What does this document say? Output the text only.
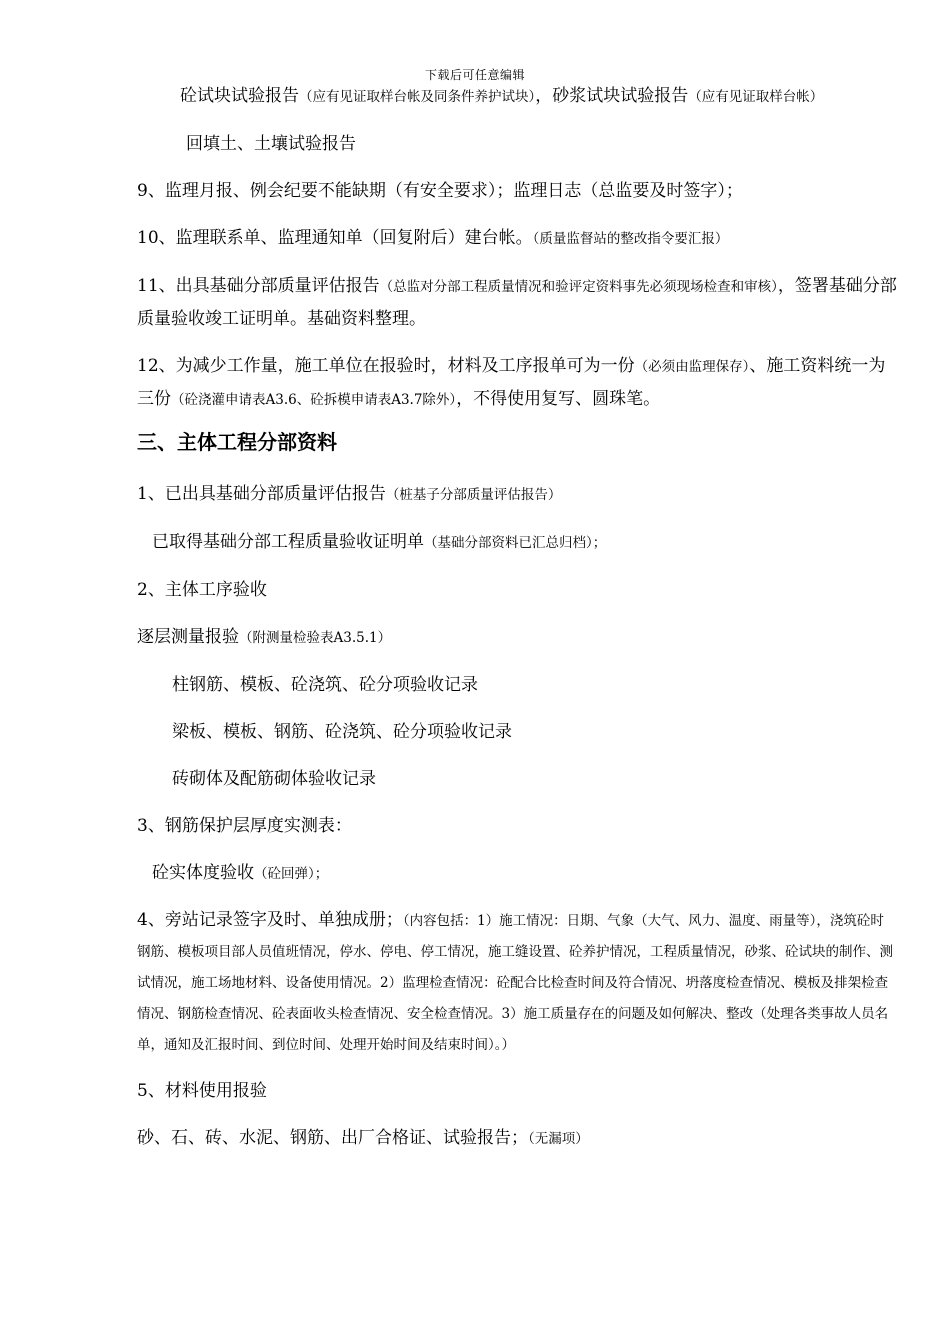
下载后可任意编辑

砼试块试验报告（应有见证取样台帐及同条件养护试块），砂浆试块试验报告（应有见证取样台帐）

回填土、土壤试验报告

9、监理月报、例会纪要不能缺期（有安全要求）；监理日志（总监要及时签字）；

10、监理联系单、监理通知单（回复附后）建台帐。（质量监督站的整改指令要汇报）

11、出具基础分部质量评估报告（总监对分部工程质量情况和验评定资料事先必须现场检查和审核），签署基础分部质量验收竣工证明单。基础资料整理。

12、为减少工作量，施工单位在报验时，材料及工序报单可为一份（必须由监理保存）、施工资料统一为三份（砼浇灌申请表A3.6、砼拆模申请表A3.7除外），不得使用复写、圆珠笔。

三、主体工程分部资料

1、已出具基础分部质量评估报告（桩基子分部质量评估报告）

已取得基础分部工程质量验收证明单（基础分部资料已汇总归档）；

2、主体工序验收

逐层测量报验（附测量检验表A3.5.1）

柱钢筋、模板、砼浇筑、砼分项验收记录

梁板、模板、钢筋、砼浇筑、砼分项验收记录

砖砌体及配筋砌体验收记录

3、钢筋保护层厚度实测表：

砼实体度验收（砼回弹）；

4、旁站记录签字及时、单独成册；（内容包括：1）施工情况：日期、气象（大气、风力、温度、雨量等），浇筑砼时钢筋、模板项目部人员值班情况，停水、停电、停工情况，施工缝设置、砼养护情况，工程质量情况，砂浆、砼试块的制作、测试情况，施工场地材料、设备使用情况。2）监理检查情况：砼配合比检查时间及符合情况、坍落度检查情况、模板及排架检查情况、钢筋检查情况、砼表面收头检查情况、安全检查情况。3）施工质量存在的问题及如何解决、整改（处理各类事故人员名单，通知及汇报时间、到位时间、处理开始时间及结束时间）。）

5、材料使用报验

砂、石、砖、水泥、钢筋、出厂合格证、试验报告；（无漏项）
